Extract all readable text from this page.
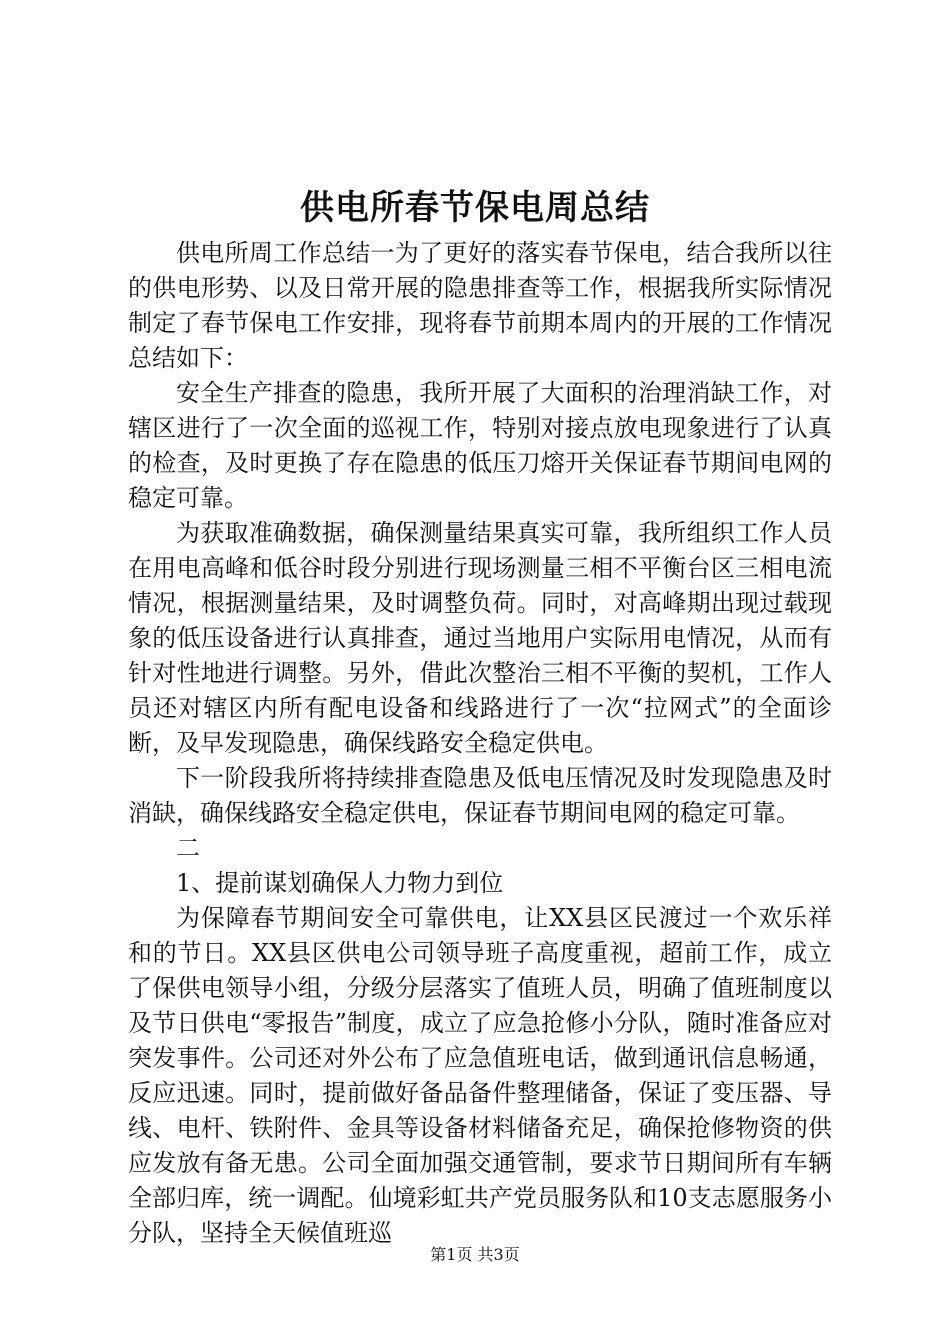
供电所春节保电周总结

供电所周工作总结一为了更好的落实春节保电，结合我所以往的供电形势、以及日常开展的隐患排查等工作，根据我所实际情况制定了春节保电工作安排，现将春节前期本周内的开展的工作情况总结如下：

安全生产排查的隐患，我所开展了大面积的治理消缺工作，对辖区进行了一次全面的巡视工作，特别对接点放电现象进行了认真的检查，及时更换了存在隐患的低压刀熔开关保证春节期间电网的稳定可靠。

为获取准确数据，确保测量结果真实可靠，我所组织工作人员在用电高峰和低谷时段分别进行现场测量三相不平衡台区三相电流情况，根据测量结果，及时调整负荷。同时，对高峰期出现过载现象的低压设备进行认真排查，通过当地用户实际用电情况，从而有针对性地进行调整。另外，借此次整治三相不平衡的契机，工作人员还对辖区内所有配电设备和线路进行了一次“拉网式”的全面诊断，及早发现隐患，确保线路安全稳定供电。

下一阶段我所将持续排查隐患及低电压情况及时发现隐患及时消缺，确保线路安全稳定供电，保证春节期间电网的稳定可靠。

二

1、提前谋划确保人力物力到位

为保障春节期间安全可靠供电，让XX县区民渡过一个欢乐祥和的节日。XX县区供电公司领导班子高度重视，超前工作，成立了保供电领导小组，分级分层落实了值班人员，明确了值班制度以及节日供电“零报告”制度，成立了应急抢修小分队，随时准备应对突发事件。公司还对外公布了应急值班电话，做到通讯信息畅通，反应迅速。同时，提前做好备品备件整理储备，保证了变压器、导线、电杆、铁附件、金具等设备材料储备充足，确保抢修物资的供应发放有备无患。公司全面加强交通管制，要求节日期间所有车辆全部归库，统一调配。仙境彩虹共产党员服务队和10支志愿服务小分队，坚持全天候值班巡

第1页 共3页
